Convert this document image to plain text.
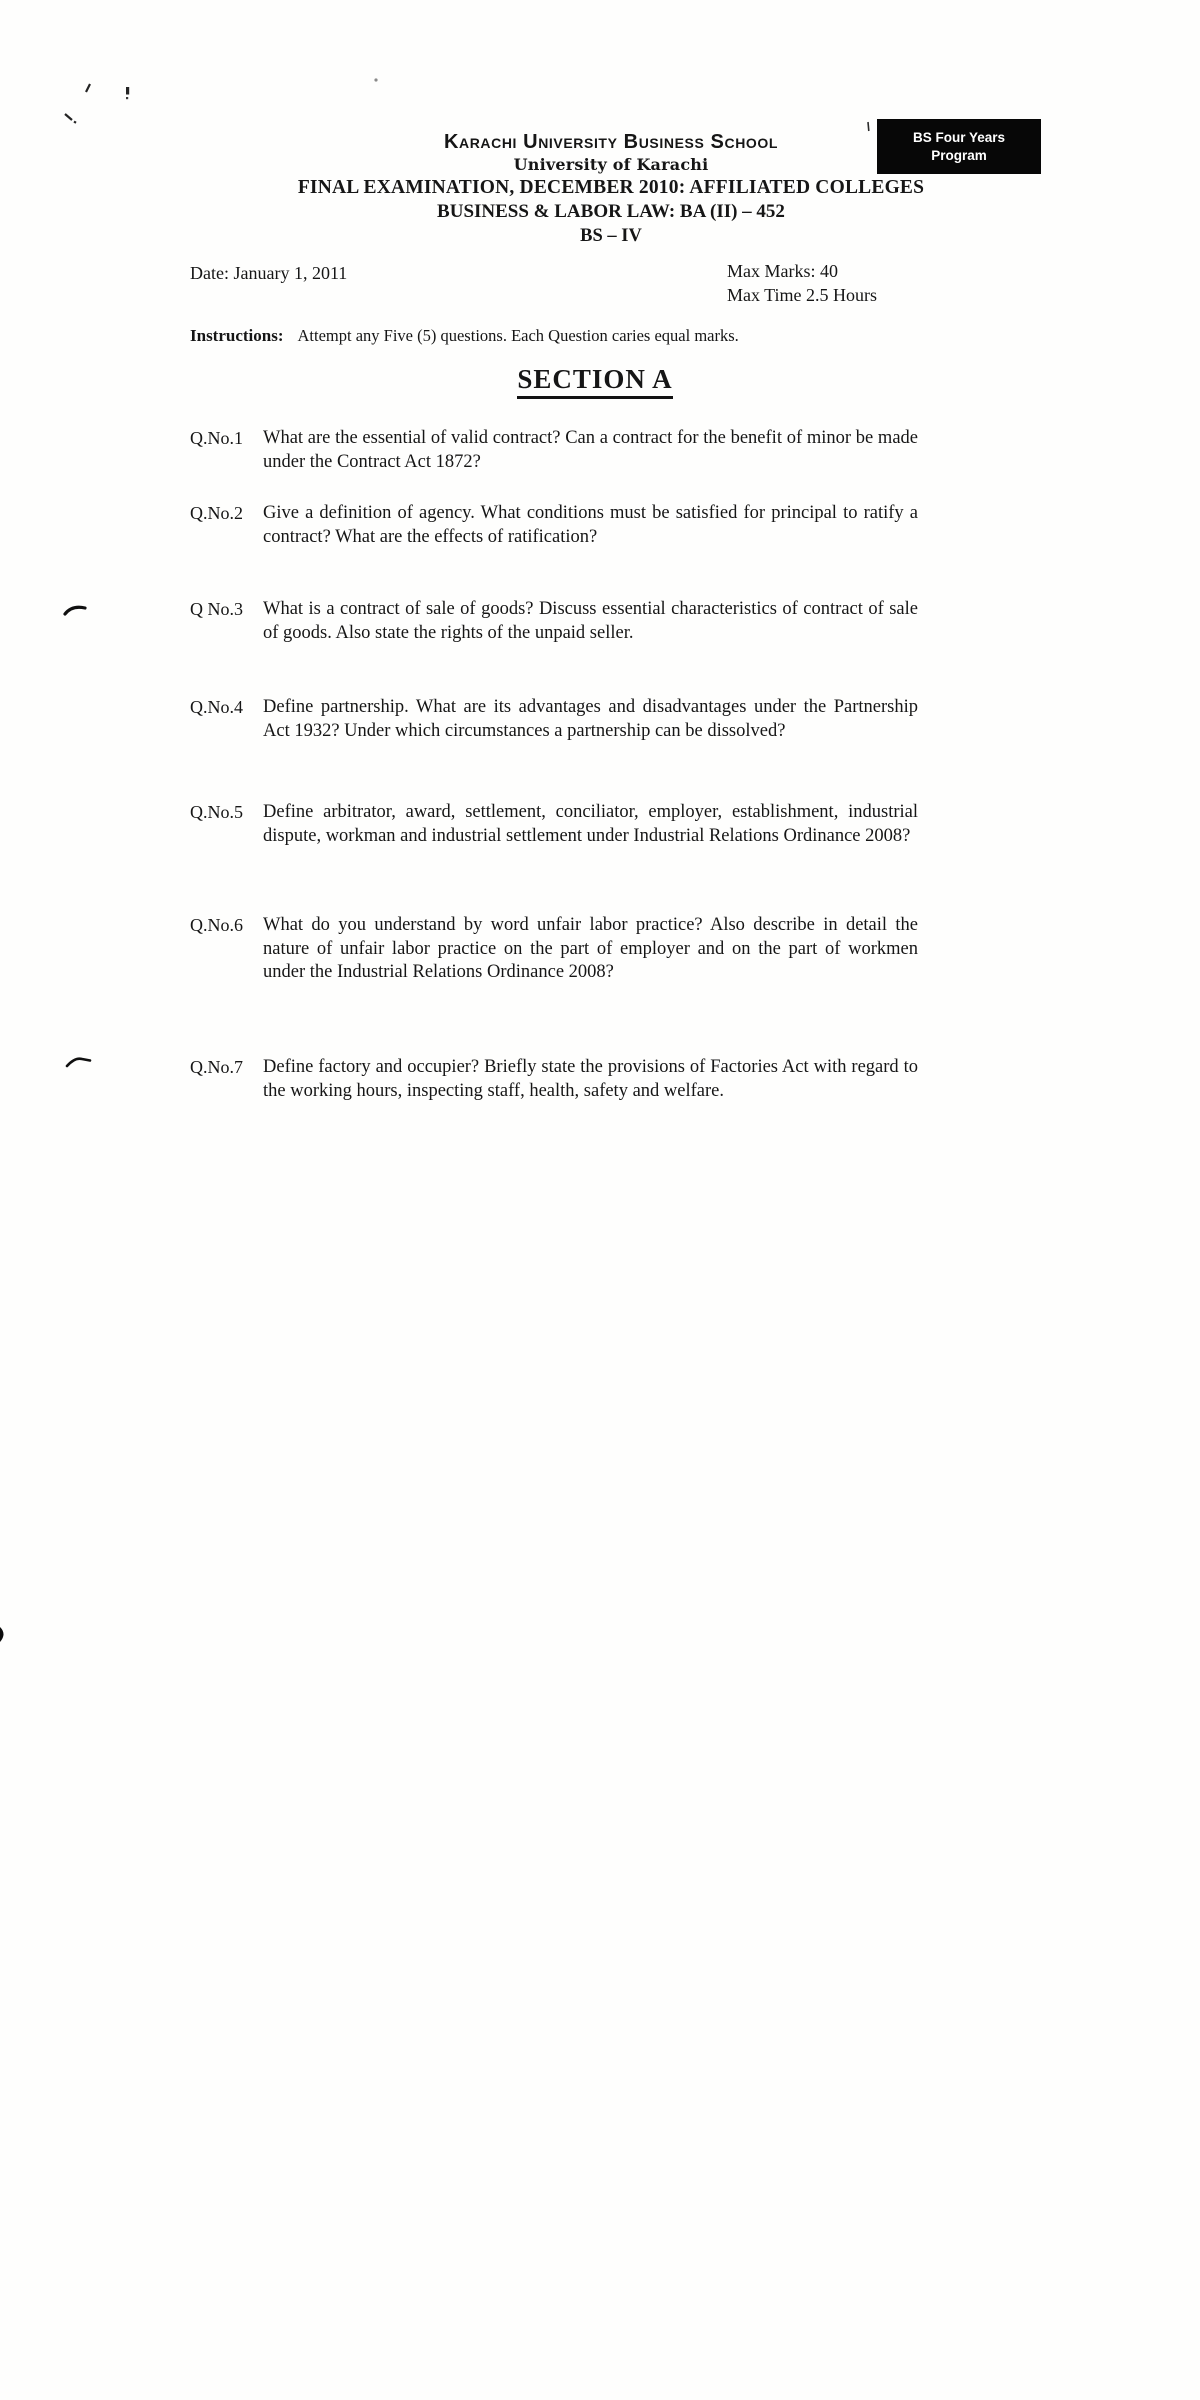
BS Four Years
Program
Karachi University Business School
University of Karachi
FINAL EXAMINATION, DECEMBER 2010: AFFILIATED COLLEGES
BUSINESS & LABOR LAW: BA (II) – 452
BS – IV
Date: January 1, 2011	Max Marks: 40
Max Time 2.5 Hours
Instructions: Attempt any Five (5) questions. Each Question caries equal marks.
SECTION A
Q.No.1	What are the essential of valid contract? Can a contract for the benefit of minor be made under the Contract Act 1872?
Q.No.2	Give a definition of agency. What conditions must be satisfied for principal to ratify a contract? What are the effects of ratification?
Q No.3	What is a contract of sale of goods? Discuss essential characteristics of contract of sale of goods. Also state the rights of the unpaid seller.
Q.No.4	Define partnership. What are its advantages and disadvantages under the Partnership Act 1932? Under which circumstances a partnership can be dissolved?
Q.No.5	Define arbitrator, award, settlement, conciliator, employer, establishment, industrial dispute, workman and industrial settlement under Industrial Relations Ordinance 2008?
Q.No.6	What do you understand by word unfair labor practice? Also describe in detail the nature of unfair labor practice on the part of employer and on the part of workmen under the Industrial Relations Ordinance 2008?
Q.No.7	Define factory and occupier? Briefly state the provisions of Factories Act with regard to the working hours, inspecting staff, health, safety and welfare.
